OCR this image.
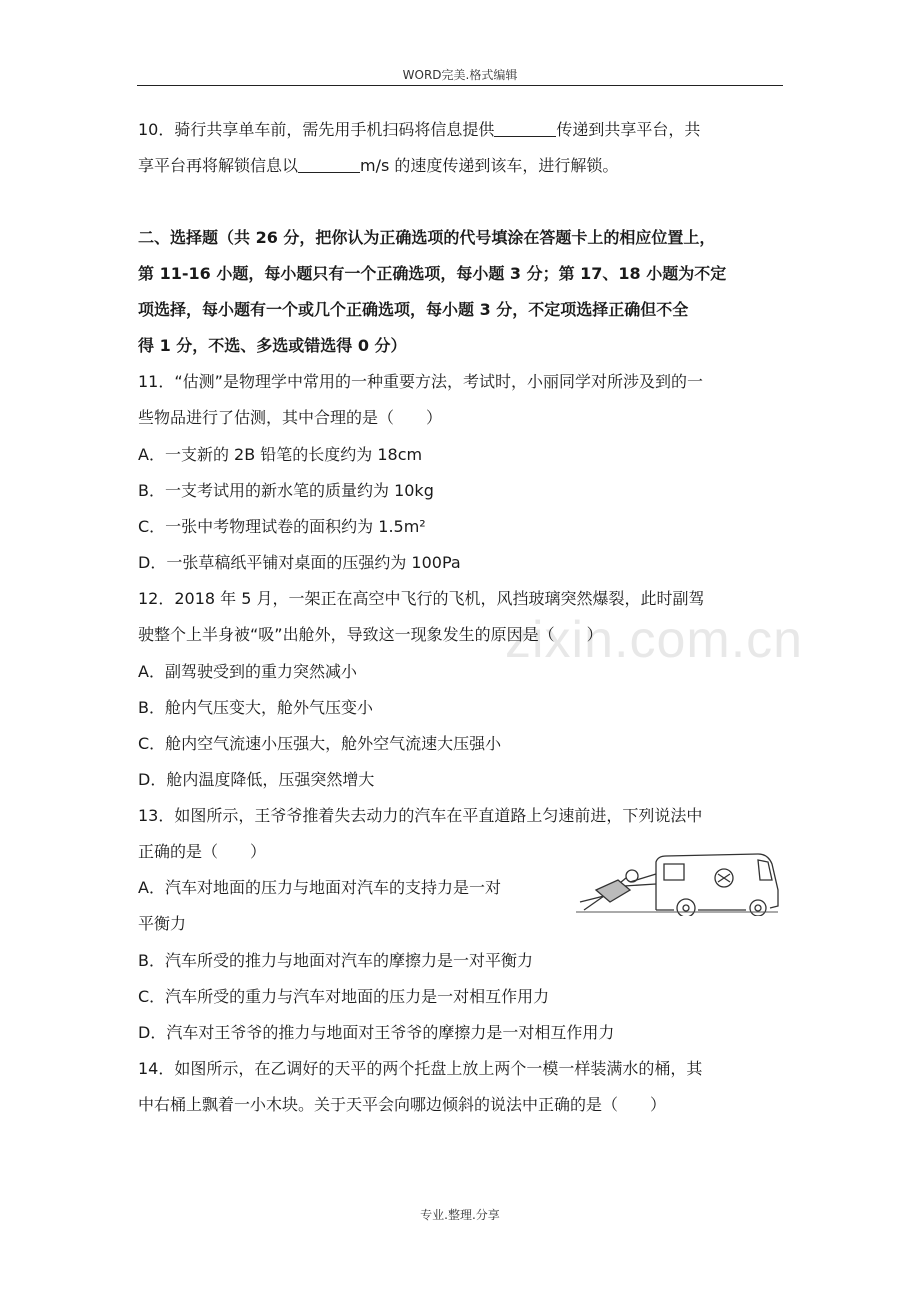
WORD完美.格式编辑
zixin.com.cn
10．骑行共享单车前，需先用手机扫码将信息提供	传递到共享平台，共
享平台再将解锁信息以	m/s 的速度传递到该车，进行解锁。
二、选择题（共 26 分，把你认为正确选项的代号填涂在答题卡上的相应位置上，
第 11-16 小题，每小题只有一个正确选项，每小题 3 分；第 17、18 小题为不定
项选择，每小题有一个或几个正确选项，每小题 3 分，不定项选择正确但不全
得 1 分，不选、多选或错选得 0 分）
11．“估测”是物理学中常用的一种重要方法，考试时，小丽同学对所涉及到的一
些物品进行了估测，其中合理的是（　　）
A．一支新的 2B 铅笔的长度约为 18cm
B．一支考试用的新水笔的质量约为 10kg
C．一张中考物理试卷的面积约为 1.5m²
D．一张草稿纸平铺对桌面的压强约为 100Pa
12．2018 年 5 月，一架正在高空中飞行的飞机，风挡玻璃突然爆裂，此时副驾
驶整个上半身被“吸”出舱外，导致这一现象发生的原因是（　　）
A．副驾驶受到的重力突然减小
B．舱内气压变大，舱外气压变小
C．舱内空气流速小压强大，舱外空气流速大压强小
D．舱内温度降低，压强突然增大
13．如图所示，王爷爷推着失去动力的汽车在平直道路上匀速前进，下列说法中
正确的是（　　）
A．汽车对地面的压力与地面对汽车的支持力是一对
平衡力
B．汽车所受的推力与地面对汽车的摩擦力是一对平衡力
C．汽车所受的重力与汽车对地面的压力是一对相互作用力
D．汽车对王爷爷的推力与地面对王爷爷的摩擦力是一对相互作用力
14．如图所示，在乙调好的天平的两个托盘上放上两个一模一样装满水的桶，其
中右桶上飘着一小木块。关于天平会向哪边倾斜的说法中正确的是（　　）
专业.整理.分享
